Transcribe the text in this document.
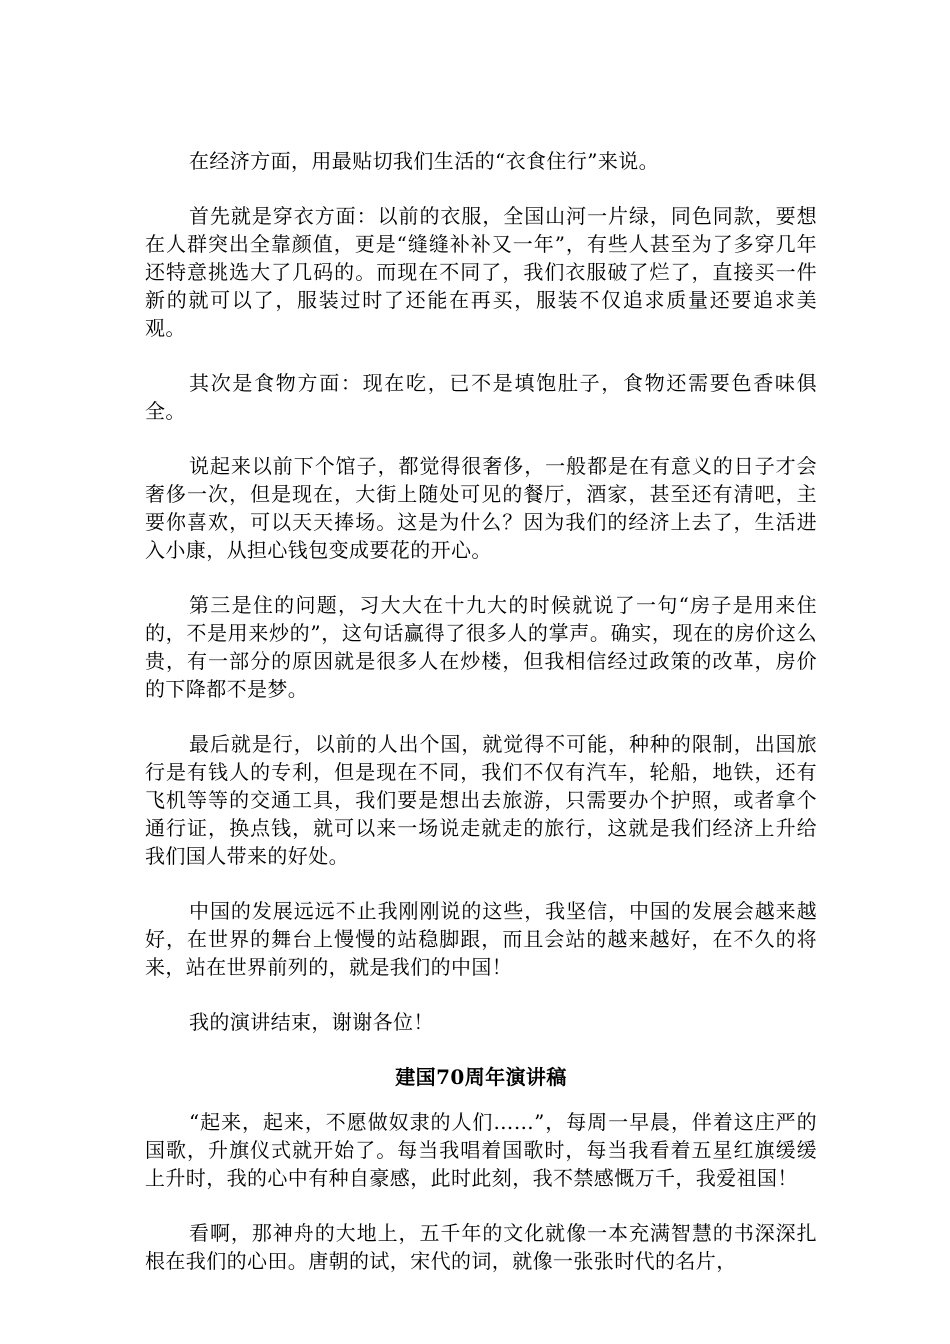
在经济方面，用最贴切我们生活的“衣食住行”来说。

首先就是穿衣方面：以前的衣服，全国山河一片绿，同色同款，要想在人群突出全靠颜值，更是“缝缝补补又一年”，有些人甚至为了多穿几年还特意挑选大了几码的。而现在不同了，我们衣服破了烂了，直接买一件新的就可以了，服装过时了还能在再买，服装不仅追求质量还要追求美观。

其次是食物方面：现在吃，已不是填饱肚子，食物还需要色香味俱全。

说起来以前下个馆子，都觉得很奢侈，一般都是在有意义的日子才会奢侈一次，但是现在，大街上随处可见的餐厅，酒家，甚至还有清吧，主要你喜欢，可以天天捧场。这是为什么？因为我们的经济上去了，生活进入小康，从担心钱包变成要花的开心。

第三是住的问题，习大大在十九大的时候就说了一句“房子是用来住的，不是用来炒的”，这句话赢得了很多人的掌声。确实，现在的房价这么贵，有一部分的原因就是很多人在炒楼，但我相信经过政策的改革，房价的下降都不是梦。

最后就是行，以前的人出个国，就觉得不可能，种种的限制，出国旅行是有钱人的专利，但是现在不同，我们不仅有汽车，轮船，地铁，还有飞机等等的交通工具，我们要是想出去旅游，只需要办个护照，或者拿个通行证，换点钱，就可以来一场说走就走的旅行，这就是我们经济上升给我们国人带来的好处。

中国的发展远远不止我刚刚说的这些，我坚信，中国的发展会越来越好，在世界的舞台上慢慢的站稳脚跟，而且会站的越来越好，在不久的将来，站在世界前列的，就是我们的中国！

我的演讲结束，谢谢各位！

建国70周年演讲稿

“起来，起来，不愿做奴隶的人们……”，每周一早晨，伴着这庄严的国歌，升旗仪式就开始了。每当我唱着国歌时，每当我看着五星红旗缓缓上升时，我的心中有种自豪感，此时此刻，我不禁感慨万千，我爱祖国！

看啊，那神舟的大地上，五千年的文化就像一本充满智慧的书深深扎根在我们的心田。唐朝的试，宋代的词，就像一张张时代的名片，
